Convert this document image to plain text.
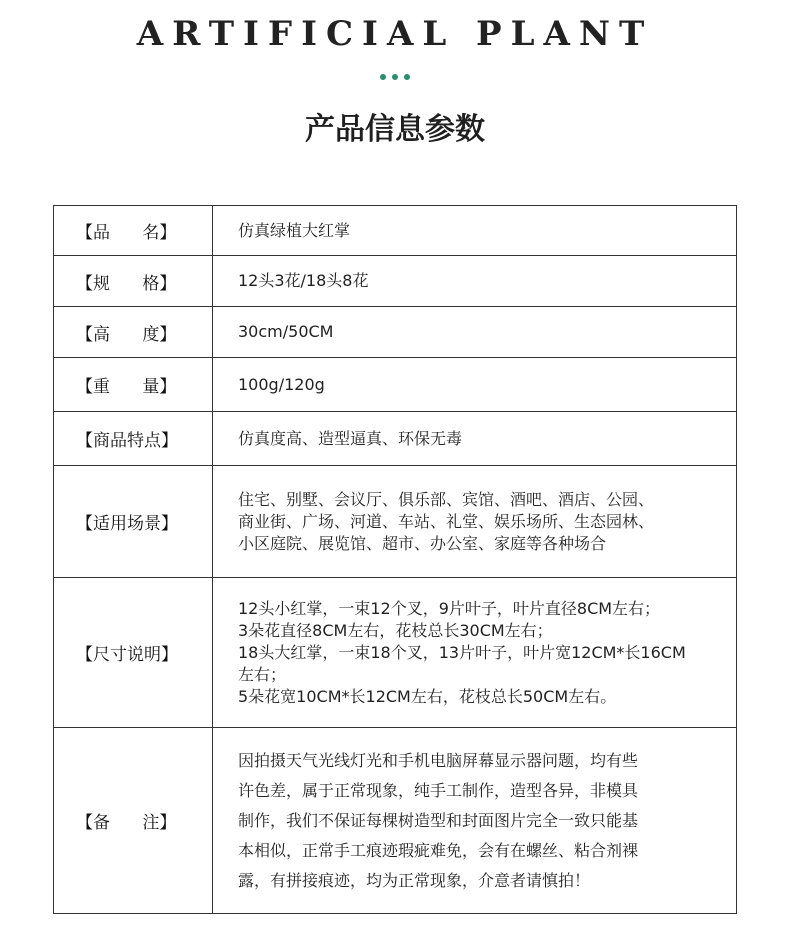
ARTIFICIAL PLANT
产品信息参数
【品      名】	仿真绿植大红掌

【规      格】	12头3花/18头8花

【高      度】	30cm/50CM

【重      量】	100g/120g

【商品特点】	仿真度高、造型逼真、环保无毒

【适用场景】	住宅、别墅、会议厅、俱乐部、宾馆、酒吧、酒店、公园、
商业街、广场、河道、车站、礼堂、娱乐场所、生态园林、
小区庭院、展览馆、超市、办公室、家庭等各种场合

【尺寸说明】	12头小红掌，一束12个叉，9片叶子，叶片直径8CM左右；
3朵花直径8CM左右，花枝总长30CM左右；
18头大红掌，一束18个叉，13片叶子，叶片宽12CM*长16CM
左右；
5朵花宽10CM*长12CM左右，花枝总长50CM左右。

【备      注】	因拍摄天气光线灯光和手机电脑屏幕显示器问题，均有些
许色差，属于正常现象，纯手工制作，造型各异，非模具
制作，我们不保证每棵树造型和封面图片完全一致只能基
本相似，正常手工痕迹瑕疵难免，会有在螺丝、粘合剂裸
露，有拼接痕迹，均为正常现象，介意者请慎拍！
